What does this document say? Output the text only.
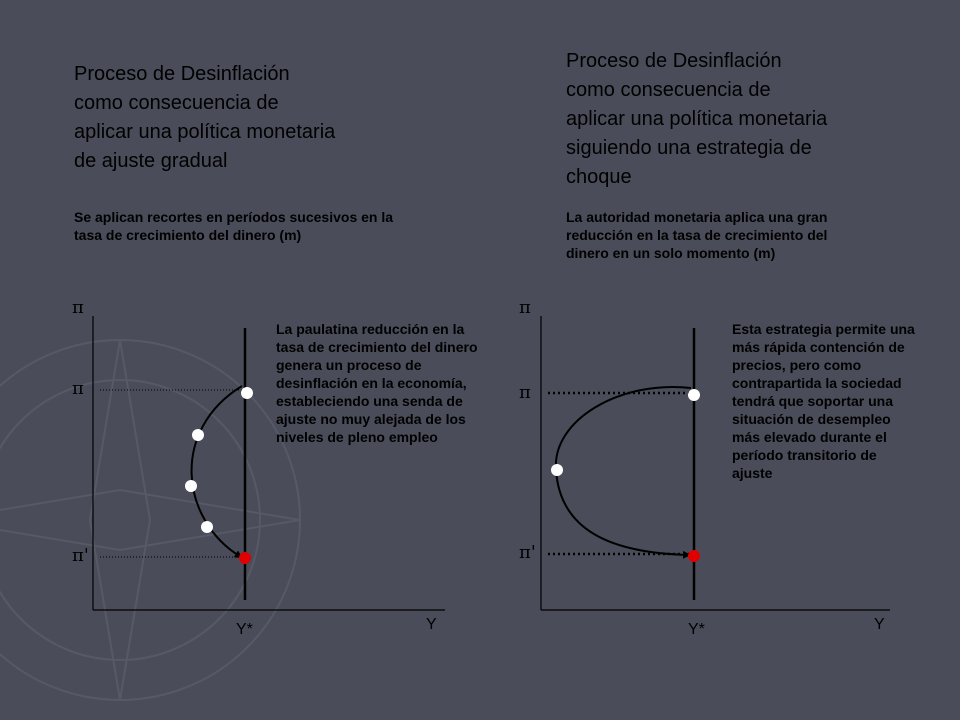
Proceso de Desinflación
como consecuencia de
aplicar una política monetaria
de ajuste gradual
Se aplican recortes en períodos sucesivos en la tasa de crecimiento del dinero (m)
La paulatina reducción en la tasa de crecimiento del dinero genera un proceso de desinflación en la economía, estableciendo una senda de ajuste no muy alejada de los niveles de pleno empleo
Proceso de Desinflación
como consecuencia de
aplicar una política monetaria
siguiendo una estrategia de
choque
La autoridad monetaria aplica una gran reducción en la tasa de crecimiento del dinero en un solo momento (m)
Esta estrategia permite una más rápida contención de precios, pero como contrapartida la sociedad tendrá que soportar una situación de desempleo más elevado durante el período transitorio de ajuste
π
π
π'
Y*	Y
π
π
π'
Y*	Y
